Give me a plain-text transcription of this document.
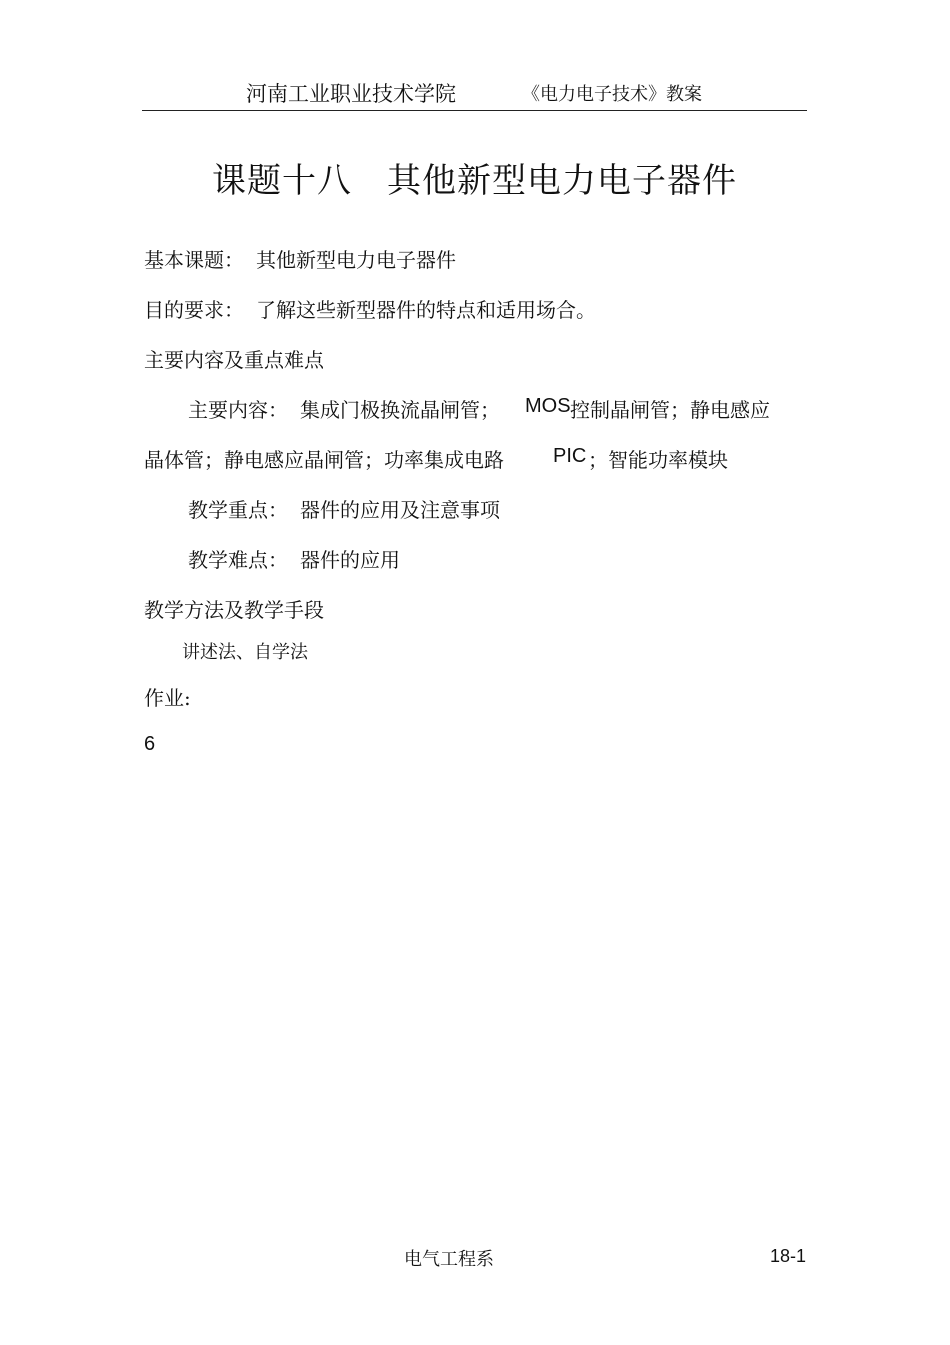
河南工业职业技术学院	《电力电子技术》教案
课题十八 其他新型电力电子器件
基本课题： 其他新型电力电子器件
目的要求： 了解这些新型器件的特点和适用场合。
主要内容及重点难点
主要内容： 集成门极换流晶闸管； MOS 控制晶闸管；静电感应
晶体管；静电感应晶闸管；功率集成电路 PIC ；智能功率模块
教学重点： 器件的应用及注意事项
教学难点： 器件的应用
教学方法及教学手段
讲述法、自学法
作业:
6
电气工程系	18-1
